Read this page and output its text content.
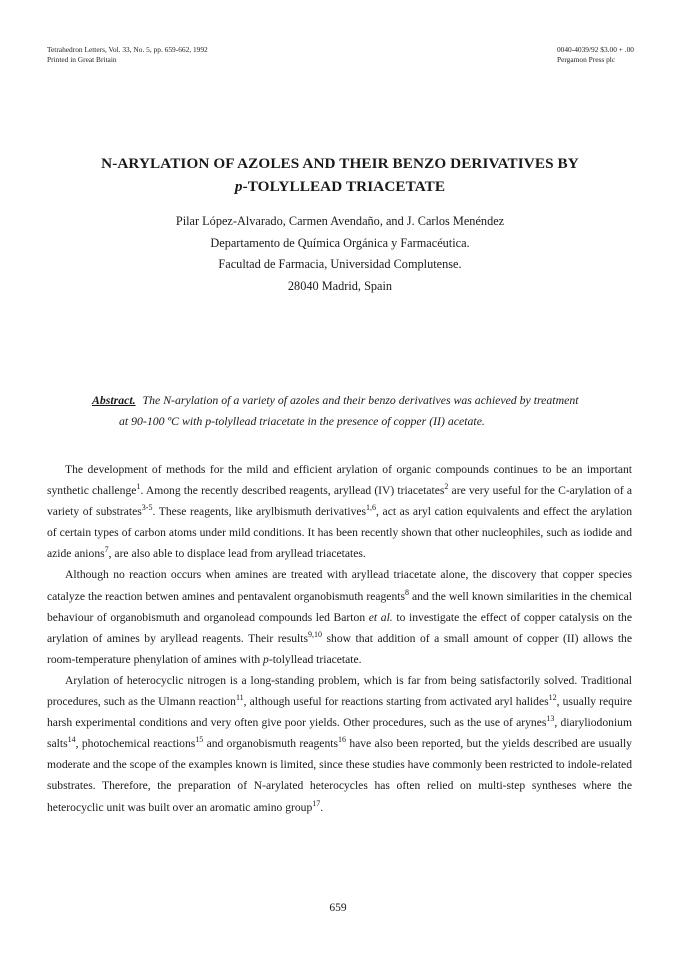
Tetrahedron Letters, Vol. 33, No. 5, pp. 659-662, 1992
Printed in Great Britain
0040-4039/92 $3.00 + .00
Pergamon Press plc
N-ARYLATION OF AZOLES AND THEIR BENZO DERIVATIVES BY
p-TOLYLLEAD TRIACETATE
Pilar López-Alvarado, Carmen Avendaño, and J. Carlos Menéndez
Departamento de Química Orgánica y Farmacéutica.
Facultad de Farmacia, Universidad Complutense.
28040 Madrid, Spain
Abstract. The N-arylation of a variety of azoles and their benzo derivatives was achieved by treatment
at 90-100 ºC with p-tolyllead triacetate in the presence of copper (II) acetate.

The development of methods for the mild and efficient arylation of organic compounds continues to be an important synthetic challenge$^1$. Among the recently described reagents, aryllead (IV) triacetates$^2$ are very useful for the C-arylation of a variety of substrates$^{3-5}$. These reagents, like arylbismuth derivatives$^{1,6}$, act as aryl cation equivalents and effect the arylation of certain types of carbon atoms under mild conditions. It has been recently shown that other nucleophiles, such as iodide and azide anions$^7$, are also able to displace lead from aryllead triacetates.

Although no reaction occurs when amines are treated with aryllead triacetate alone, the discovery that copper species catalyze the reaction betwen amines and pentavalent organobismuth reagents$^8$ and the well known similarities in the chemical behaviour of organobismuth and organolead compounds led Barton et al. to investigate the effect of copper catalysis on the arylation of amines by aryllead reagents. Their results$^{9,10}$ show that addition of a small amount of copper (II) allows the room-temperature phenylation of amines with p-tolyllead triacetate.

Arylation of heterocyclic nitrogen is a long-standing problem, which is far from being satisfactorily solved. Traditional procedures, such as the Ulmann reaction$^{11}$, although useful for reactions starting from activated aryl halides$^{12}$, usually require harsh experimental conditions and very often give poor yields. Other procedures, such as the use of arynes$^{13}$, diaryliodonium salts$^{14}$, photochemical reactions$^{15}$ and organobismuth reagents$^{16}$ have also been reported, but the yields described are usually moderate and the scope of the examples known is limited, since these studies have commonly been restricted to indole-related substrates. Therefore, the preparation of N-arylated heterocycles has often relied on multi-step syntheses where the heterocyclic unit was built over an aromatic amino group$^{17}$.

659
